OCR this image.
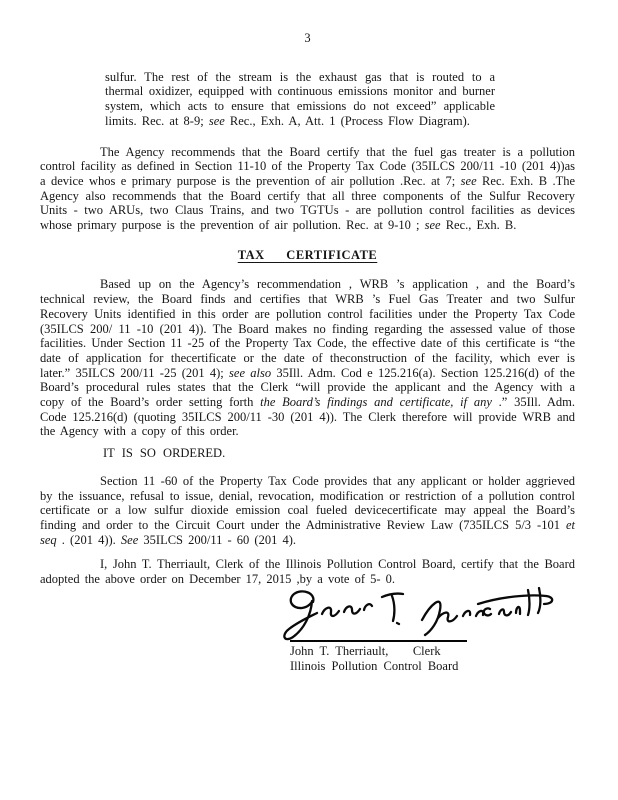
3
sulfur. The rest of the stream is the exhaust gas that is routed to a thermal oxidizer, equipped with continuous emissions monitor and burner system, which acts to ensure that emissions do not exceed” applicable limits. Rec. at 8-9; see Rec., Exh. A, Att. 1 (Process Flow Diagram).

The Agency recommends that the Board certify that the fuel gas treater is a pollution control facility as defined in Section 11-10 of the Property Tax Code (35ILCS 200/11 -10 (201 4))as a device whos e primary purpose is the prevention of air pollution .Rec. at 7; see Rec. Exh. B .The Agency also recommends that the Board certify that all three components of the Sulfur Recovery Units - two ARUs, two Claus Trains, and two TGTUs - are pollution control facilities as devices whose primary purpose is the prevention of air pollution. Rec. at 9-10 ; see Rec., Exh. B.

TAX CERTIFICATE

Based up on the Agency’s recommendation , WRB ’s application , and the Board’s technical review, the Board finds and certifies that WRB ’s Fuel Gas Treater and two Sulfur Recovery Units identified in this order are pollution control facilities under the Property Tax Code (35ILCS 200/ 11 -10 (201 4)). The Board makes no finding regarding the assessed value of those facilities. Under Section 11 -25 of the Property Tax Code, the effective date of this certificate is “the date of application for thecertificate or the date of theconstruction of the facility, which ever is later.” 35ILCS 200/11 -25 (201 4); see also 35Ill. Adm. Cod e 125.216(a). Section 125.216(d) of the Board’s procedural rules states that the Clerk “will provide the applicant and the Agency with a copy of the Board’s order setting forth the Board’s findings and certificate, if any .” 35Ill. Adm. Code 125.216(d) (quoting 35ILCS 200/11 -30 (201 4)). The Clerk therefore will provide WRB and the Agency with a copy of this order.

IT IS SO ORDERED.

Section 11 -60 of the Property Tax Code provides that any applicant or holder aggrieved by the issuance, refusal to issue, denial, revocation, modification or restriction of a pollution control certificate or a low sulfur dioxide emission coal fueled devicecertificate may appeal the Board’s finding and order to the Circuit Court under the Administrative Review Law (735ILCS 5/3 -101 et seq . (201 4)). See 35ILCS 200/11 - 60 (201 4).

I, John T. Therriault, Clerk of the Illinois Pollution Control Board, certify that the Board adopted the above order on December 17, 2015 ,by a vote of 5- 0.

John T. Therriault,    Clerk
Illinois Pollution Control Board
